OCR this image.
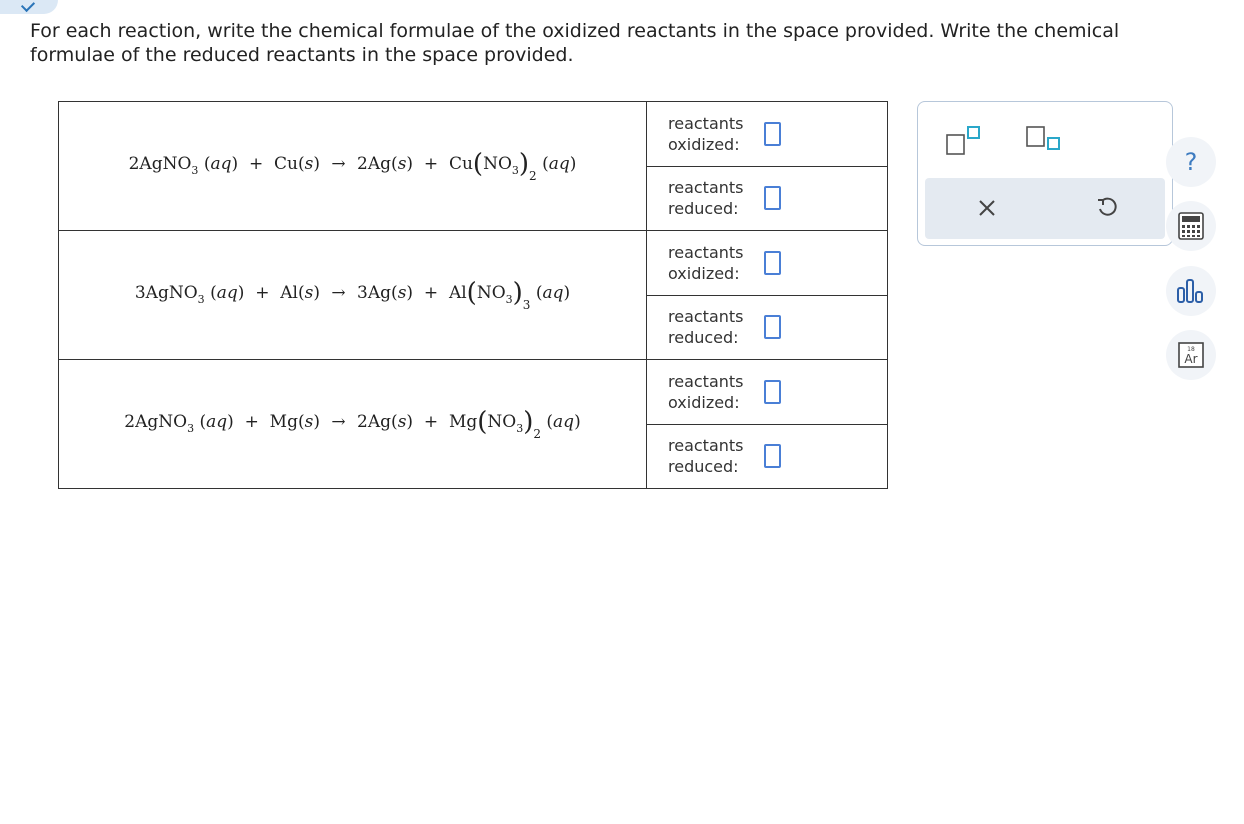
For each reaction, write the chemical formulae of the oxidized reactants in the space provided. Write the chemical formulae of the reduced reactants in the space provided.
2AgNO$_3$ $(aq) + Cu(s) \to 2Ag(s) + Cu(NO_3)_2$ (aq)	reactants oxidized:

	reactants reduced:

3AgNO$_3$ $(aq) + Al(s) \to 3Ag(s) + Al(NO_3)_3$ (aq)	reactants oxidized:

	reactants reduced:

2AgNO$_3$ $(aq) + Mg(s) \to 2Ag(s) + Mg(NO_3)_2$ (aq)	reactants oxidized:

	reactants reduced:
?
18
Ar
